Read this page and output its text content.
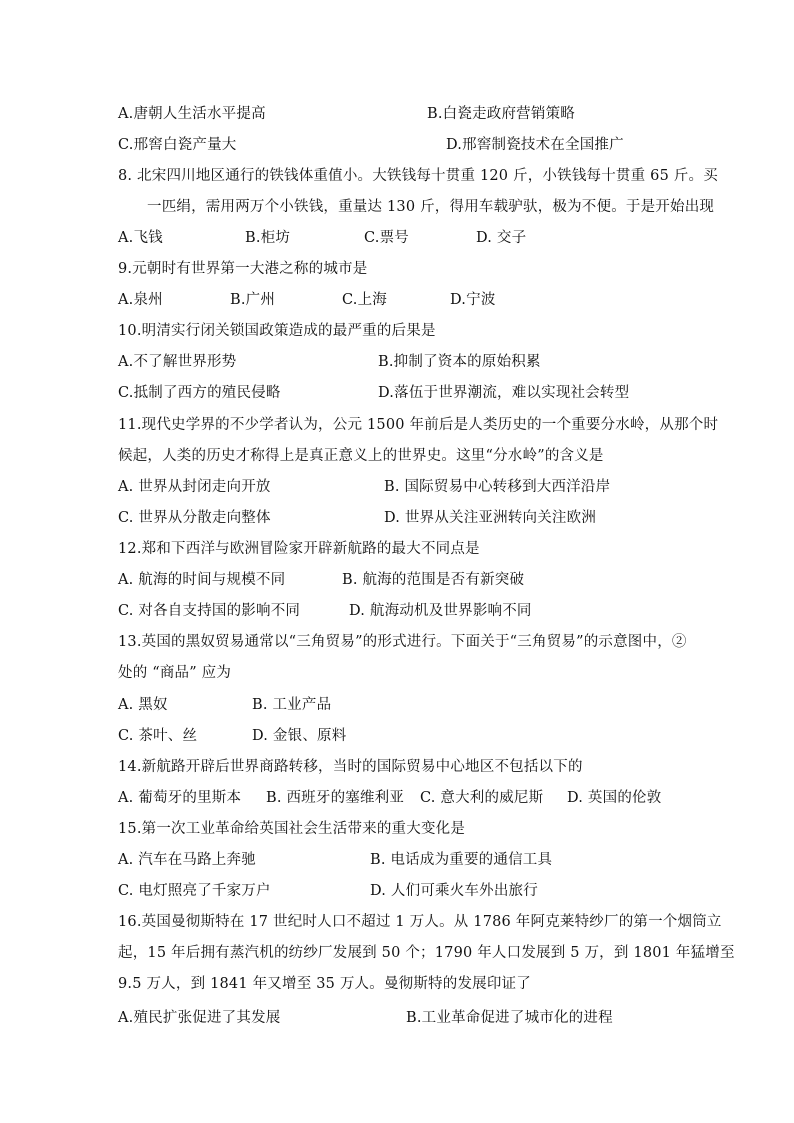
A.唐朝人生活水平提高	B.白瓷走政府营销策略
C.邢窖白瓷产量大	D.邢窖制瓷技术在全国推广
8. 北宋四川地区通行的铁钱体重值小。大铁钱每十贯重 120 斤，小铁钱每十贯重 65 斤。买
一匹绢，需用两万个小铁钱，重量达 130 斤，得用车载驴驮，极为不便。于是开始出现
A.飞钱	B.柜坊	C.票号	D. 交子
9.元朝时有世界第一大港之称的城市是
A.泉州	B.广州	C.上海	D.宁波
10.明清实行闭关锁国政策造成的最严重的后果是
A.不了解世界形势	B.抑制了资本的原始积累
C.抵制了西方的殖民侵略	D.落伍于世界潮流，难以实现社会转型
11.现代史学界的不少学者认为，公元 1500 年前后是人类历史的一个重要分水岭，从那个时
候起，人类的历史才称得上是真正意义上的世界史。这里“分水岭”的含义是
A. 世界从封闭走向开放	B. 国际贸易中心转移到大西洋沿岸
C. 世界从分散走向整体	D. 世界从关注亚洲转向关注欧洲
12.郑和下西洋与欧洲冒险家开辟新航路的最大不同点是
A. 航海的时间与规模不同	B. 航海的范围是否有新突破
C. 对各自支持国的影响不同	D. 航海动机及世界影响不同
13.英国的黑奴贸易通常以“三角贸易”的形式进行。下面关于“三角贸易”的示意图中，②
处的 “商品” 应为
A. 黑奴	B. 工业产品
C. 茶叶、丝	D. 金银、原料
14.新航路开辟后世界商路转移，当时的国际贸易中心地区不包括以下的
A. 葡萄牙的里斯本 B. 西班牙的塞维利亚 C. 意大利的威尼斯 D. 英国的伦敦
15.第一次工业革命给英国社会生活带来的重大变化是
A. 汽车在马路上奔驰	B. 电话成为重要的通信工具
C. 电灯照亮了千家万户	D. 人们可乘火车外出旅行
16.英国曼彻斯特在 17 世纪时人口不超过 1 万人。从 1786 年阿克莱特纱厂的第一个烟筒立
起，15 年后拥有蒸汽机的纺纱厂发展到 50 个；1790 年人口发展到 5 万，到 1801 年猛增至
9.5 万人，到 1841 年又增至 35 万人。曼彻斯特的发展印证了
A.殖民扩张促进了其发展	B.工业革命促进了城市化的进程
